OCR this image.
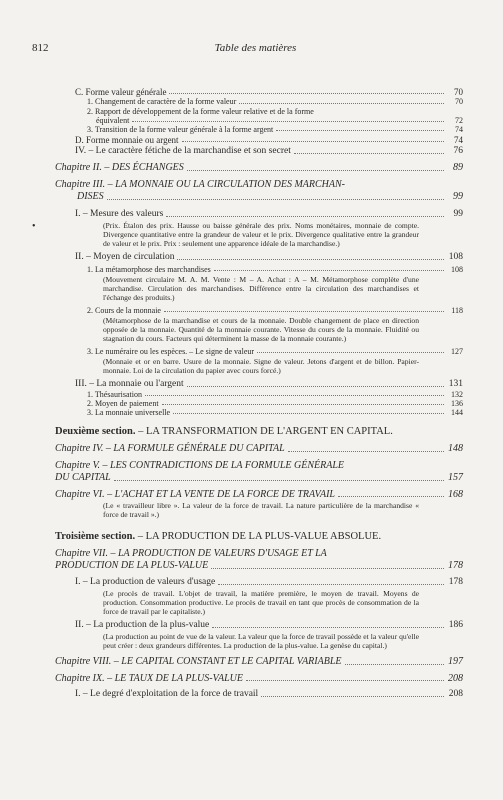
812	Table des matières
•
C. Forme valeur générale	70
1. Changement de caractère de la forme valeur	70
2. Rapport de développement de la forme valeur relative et de la forme
équivalent	72
3. Transition de la forme valeur générale à la forme argent	74
D. Forme monnaie ou argent	74
IV. – Le caractère fétiche de la marchandise et son secret	76
Chapitre II. – DES ÉCHANGES	89
Chapitre III. – LA MONNAIE OU LA CIRCULATION DES MARCHAN-
DISES	99
I. – Mesure des valeurs	99
(Prix. Étalon des prix. Hausse ou baisse générale des prix. Noms monétaires, monnaie de compte. Divergence quantitative entre la grandeur de valeur et le prix. Divergence qualitative entre la grandeur de valeur et le prix. Prix : seulement une apparence idéale de la marchandise.)
II. – Moyen de circulation	108
1. La métamorphose des marchandises	108
(Mouvement circulaire M. A. M. Vente : M – A. Achat : A – M. Métamorphose complète d'une marchandise. Circulation des marchandises. Différence entre la circulation des marchandises et l'échange des produits.)
2. Cours de la monnaie	118
(Métamorphose de la marchandise et cours de la monnaie. Double changement de place en direction opposée de la monnaie. Quantité de la monnaie courante. Vitesse du cours de la monnaie. Fluidité ou stagnation du cours. Facteurs qui déterminent la masse de la monnaie courante.)
3. Le numéraire ou les espèces. – Le signe de valeur	127
(Monnaie et or en barre. Usure de la monnaie. Signe de valeur. Jetons d'argent et de billon. Papier-monnaie. Loi de la circulation du papier avec cours forcé.)
III. – La monnaie ou l'argent	131
1. Thésaurisation	132
2. Moyen de paiement	136
3. La monnaie universelle	144
Deuxième section. – LA TRANSFORMATION DE L'ARGENT EN CAPITAL.
Chapitre IV. – LA FORMULE GÉNÉRALE DU CAPITAL	148
Chapitre V. – LES CONTRADICTIONS DE LA FORMULE GÉNÉRALE
DU CAPITAL	157
Chapitre VI. – L'ACHAT ET LA VENTE DE LA FORCE DE TRAVAIL	168
(Le « travailleur libre ». La valeur de la force de travail. La nature particulière de la marchandise « force de travail ».)
Troisième section. – LA PRODUCTION DE LA PLUS-VALUE ABSOLUE.
Chapitre VII. – LA PRODUCTION DE VALEURS D'USAGE ET LA
PRODUCTION DE LA PLUS-VALUE	178
I. – La production de valeurs d'usage	178
(Le procès de travail. L'objet de travail, la matière première, le moyen de travail. Moyens de production. Consommation productive. Le procès de travail en tant que procès de consommation de la force de travail par le capitaliste.)
II. – La production de la plus-value	186
(La production au point de vue de la valeur. La valeur que la force de travail possède et la valeur qu'elle peut créer : deux grandeurs différentes. La production de la plus-value. La genèse du capital.)
Chapitre VIII. – LE CAPITAL CONSTANT ET LE CAPITAL VARIABLE	197
Chapitre IX. – LE TAUX DE LA PLUS-VALUE	208
I. – Le degré d'exploitation de la force de travail	208
